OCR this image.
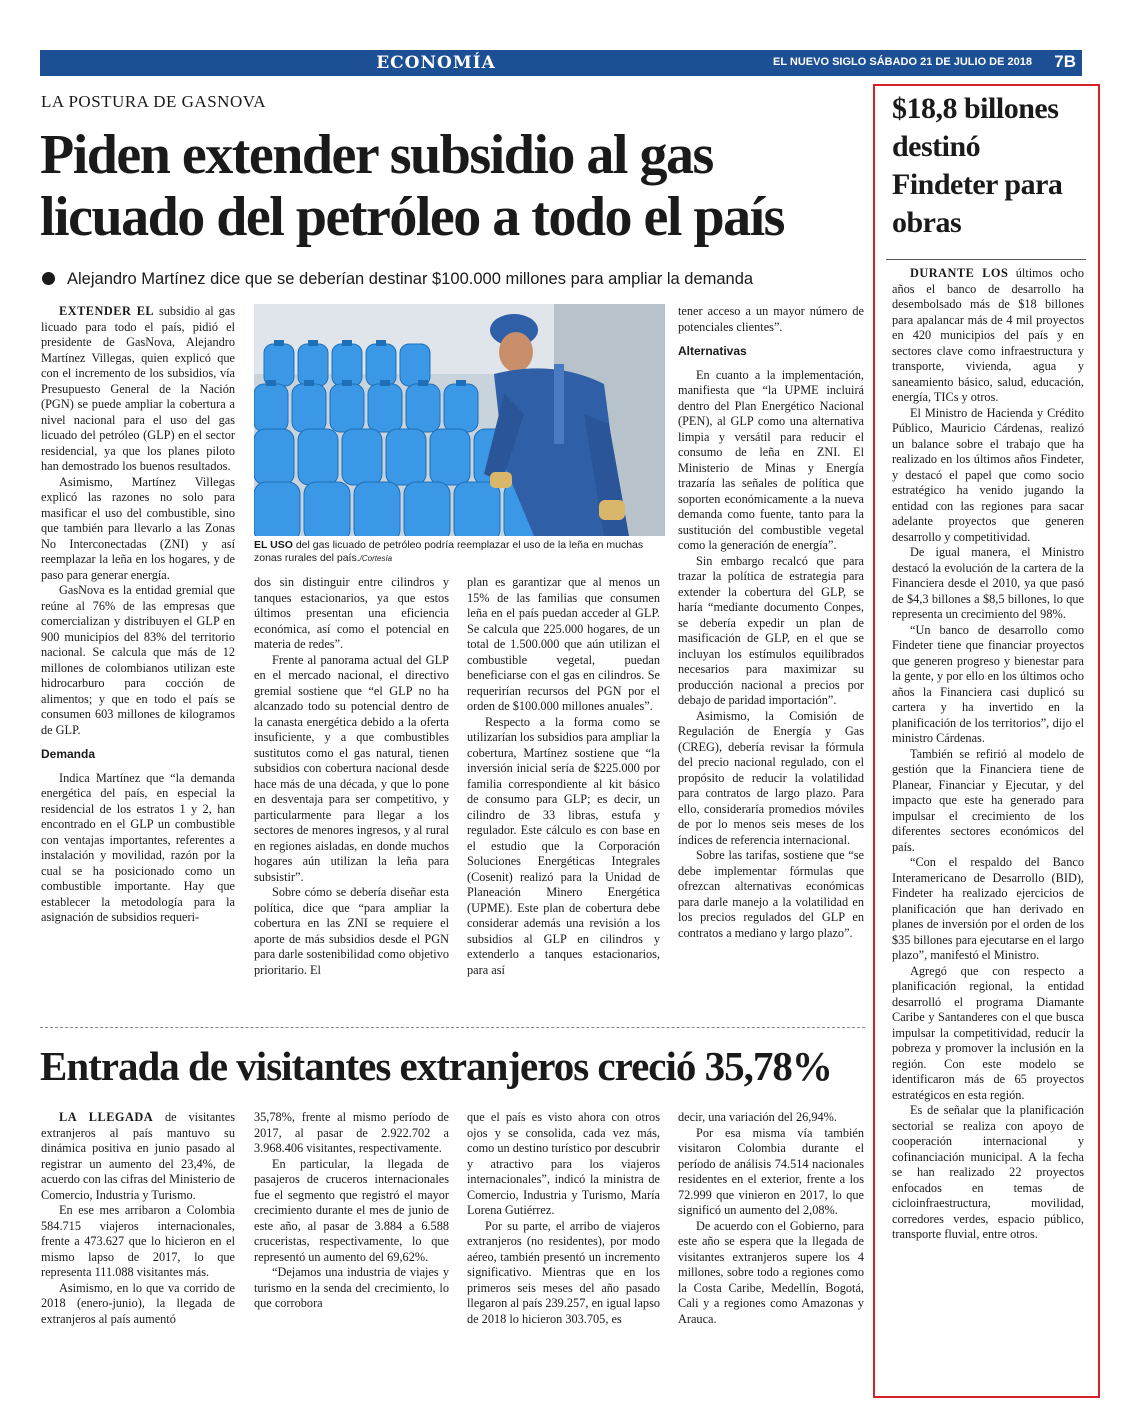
ECONOMÍA	EL NUEVO SIGLO SÁBADO 21 DE JULIO DE 2018 7B
LA POSTURA DE GASNOVA
Piden extender subsidio al gas
licuado del petróleo a todo el país
Alejandro Martínez dice que se deberían destinar $100.000 millones para ampliar la demanda

EXTENDER EL subsidio al gas licuado para todo el país, pidió el presidente de GasNova, Alejandro Martínez Villegas, quien explicó que con el incremento de los subsidios, vía Presupuesto General de la Nación (PGN) se puede ampliar la cobertura a nivel nacional para el uso del gas licuado del petróleo (GLP) en el sector residencial, ya que los planes piloto han demostrado los buenos resultados.

Asimismo, Martínez Villegas explicó las razones no solo para masificar el uso del combustible, sino que también para llevarlo a las Zonas No Interconectadas (ZNI) y así reemplazar la leña en los hogares, y de paso para generar energía.

GasNova es la entidad gremial que reúne al 76% de las empresas que comercializan y distribuyen el GLP en 900 municipios del 83% del territorio nacional. Se calcula que más de 12 millones de colombianos utilizan este hidrocarburo para cocción de alimentos; y que en todo el país se consumen 603 millones de kilogramos de GLP.

Demanda

Indica Martínez que “la demanda energética del país, en especial la residencial de los estratos 1 y 2, han encontrado en el GLP un combustible con ventajas importantes, referentes a instalación y movilidad, razón por la cual se ha posicionado como un combustible importante. Hay que establecer la metodología para la asignación de subsidios requeri-

EL USO del gas licuado de petróleo podría reemplazar el uso de la leña en muchas zonas rurales del país./Cortesía

dos sin distinguir entre cilindros y tanques estacionarios, ya que estos últimos presentan una eficiencia económica, así como el potencial en materia de redes”.

Frente al panorama actual del GLP en el mercado nacional, el directivo gremial sostiene que “el GLP no ha alcanzado todo su potencial dentro de la canasta energética debido a la oferta insuficiente, y a que combustibles sustitutos como el gas natural, tienen subsidios con cobertura nacional desde hace más de una década, y que lo pone en desventaja para ser competitivo, y particularmente para llegar a los sectores de menores ingresos, y al rural en regiones aisladas, en donde muchos hogares aún utilizan la leña para subsistir”.

Sobre cómo se debería diseñar esta política, dice que “para ampliar la cobertura en las ZNI se requiere el aporte de más subsidios desde el PGN para darle sostenibilidad como objetivo prioritario. El

plan es garantizar que al menos un 15% de las familias que consumen leña en el país puedan acceder al GLP. Se calcula que 225.000 hogares, de un total de 1.500.000 que aún utilizan el combustible vegetal, puedan beneficiarse con el gas en cilindros. Se requerirían recursos del PGN por el orden de $100.000 millones anuales”.

Respecto a la forma como se utilizarían los subsidios para ampliar la cobertura, Martínez sostiene que “la inversión inicial sería de $225.000 por familia correspondiente al kit básico de consumo para GLP; es decir, un cilindro de 33 libras, estufa y regulador. Este cálculo es con base en el estudio que la Corporación Soluciones Energéticas Integrales (Cosenit) realizó para la Unidad de Planeación Minero Energética (UPME). Este plan de cobertura debe considerar además una revisión a los subsidios al GLP en cilindros y extenderlo a tanques estacionarios, para así

tener acceso a un mayor número de potenciales clientes”.

Alternativas

En cuanto a la implementación, manifiesta que “la UPME incluirá dentro del Plan Energético Nacional (PEN), al GLP como una alternativa limpia y versátil para reducir el consumo de leña en ZNI. El Ministerio de Minas y Energía trazaría las señales de política que soporten económicamente a la nueva demanda como fuente, tanto para la sustitución del combustible vegetal como la generación de energía”.

Sin embargo recalcó que para trazar la política de estrategia para extender la cobertura del GLP, se haría “mediante documento Conpes, se debería expedir un plan de masificación de GLP, en el que se incluyan los estímulos equilibrados necesarios para maximizar su producción nacional a precios por debajo de paridad importación”.

Asimismo, la Comisión de Regulación de Energía y Gas (CREG), debería revisar la fórmula del precio nacional regulado, con el propósito de reducir la volatilidad para contratos de largo plazo. Para ello, consideraría promedios móviles de por lo menos seis meses de los índices de referencia internacional.

Sobre las tarifas, sostiene que “se debe implementar fórmulas que ofrezcan alternativas económicas para darle manejo a la volatilidad en los precios regulados del GLP en contratos a mediano y largo plazo”.

Entrada de visitantes extranjeros creció 35,78%

LA LLEGADA de visitantes extranjeros al país mantuvo su dinámica positiva en junio pasado al registrar un aumento del 23,4%, de acuerdo con las cifras del Ministerio de Comercio, Industria y Turismo.

En ese mes arribaron a Colombia 584.715 viajeros internacionales, frente a 473.627 que lo hicieron en el mismo lapso de 2017, lo que representa 111.088 visitantes más.

Asimismo, en lo que va corrido de 2018 (enero-junio), la llegada de extranjeros al país aumentó

35,78%, frente al mismo período de 2017, al pasar de 2.922.702 a 3.968.406 visitantes, respectivamente.

En particular, la llegada de pasajeros de cruceros internacionales fue el segmento que registró el mayor crecimiento durante el mes de junio de este año, al pasar de 3.884 a 6.588 cruceristas, respectivamente, lo que representó un aumento del 69,62%.

“Dejamos una industria de viajes y turismo en la senda del crecimiento, lo que corrobora

que el país es visto ahora con otros ojos y se consolida, cada vez más, como un destino turístico por descubrir y atractivo para los viajeros internacionales”, indicó la ministra de Comercio, Industria y Turismo, María Lorena Gutiérrez.

Por su parte, el arribo de viajeros extranjeros (no residentes), por modo aéreo, también presentó un incremento significativo. Mientras que en los primeros seis meses del año pasado llegaron al país 239.257, en igual lapso de 2018 lo hicieron 303.705, es

decir, una variación del 26,94%.

Por esa misma vía también visitaron Colombia durante el período de análisis 74.514 nacionales residentes en el exterior, frente a los 72.999 que vinieron en 2017, lo que significó un aumento del 2,08%.

De acuerdo con el Gobierno, para este año se espera que la llegada de visitantes extranjeros supere los 4 millones, sobre todo a regiones como la Costa Caribe, Medellín, Bogotá, Cali y a regiones como Amazonas y Arauca.

$18,8 billones destinó Findeter para obras

DURANTE LOS últimos ocho años el banco de desarrollo ha desembolsado más de $18 billones para apalancar más de 4 mil proyectos en 420 municipios del país y en sectores clave como infraestructura y transporte, vivienda, agua y saneamiento básico, salud, educación, energía, TICs y otros.

El Ministro de Hacienda y Crédito Público, Mauricio Cárdenas, realizó un balance sobre el trabajo que ha realizado en los últimos años Findeter, y destacó el papel que como socio estratégico ha venido jugando la entidad con las regiones para sacar adelante proyectos que generen desarrollo y competitividad.

De igual manera, el Ministro destacó la evolución de la cartera de la Financiera desde el 2010, ya que pasó de $4,3 billones a $8,5 billones, lo que representa un crecimiento del 98%.

“Un banco de desarrollo como Findeter tiene que financiar proyectos que generen progreso y bienestar para la gente, y por ello en los últimos ocho años la Financiera casi duplicó su cartera y ha invertido en la planificación de los territorios”, dijo el ministro Cárdenas.

También se refirió al modelo de gestión que la Financiera tiene de Planear, Financiar y Ejecutar, y del impacto que este ha generado para impulsar el crecimiento de los diferentes sectores económicos del país.

“Con el respaldo del Banco Interamericano de Desarrollo (BID), Findeter ha realizado ejercicios de planificación que han derivado en planes de inversión por el orden de los $35 billones para ejecutarse en el largo plazo”, manifestó el Ministro.

Agregó que con respecto a planificación regional, la entidad desarrolló el programa Diamante Caribe y Santanderes con el que busca impulsar la competitividad, reducir la pobreza y promover la inclusión en la región. Con este modelo se identificaron más de 65 proyectos estratégicos en esta región.

Es de señalar que la planificación sectorial se realiza con apoyo de cooperación internacional y cofinanciación municipal. A la fecha se han realizado 22 proyectos enfocados en temas de cicloinfraestructura, movilidad, corredores verdes, espacio público, transporte fluvial, entre otros.
